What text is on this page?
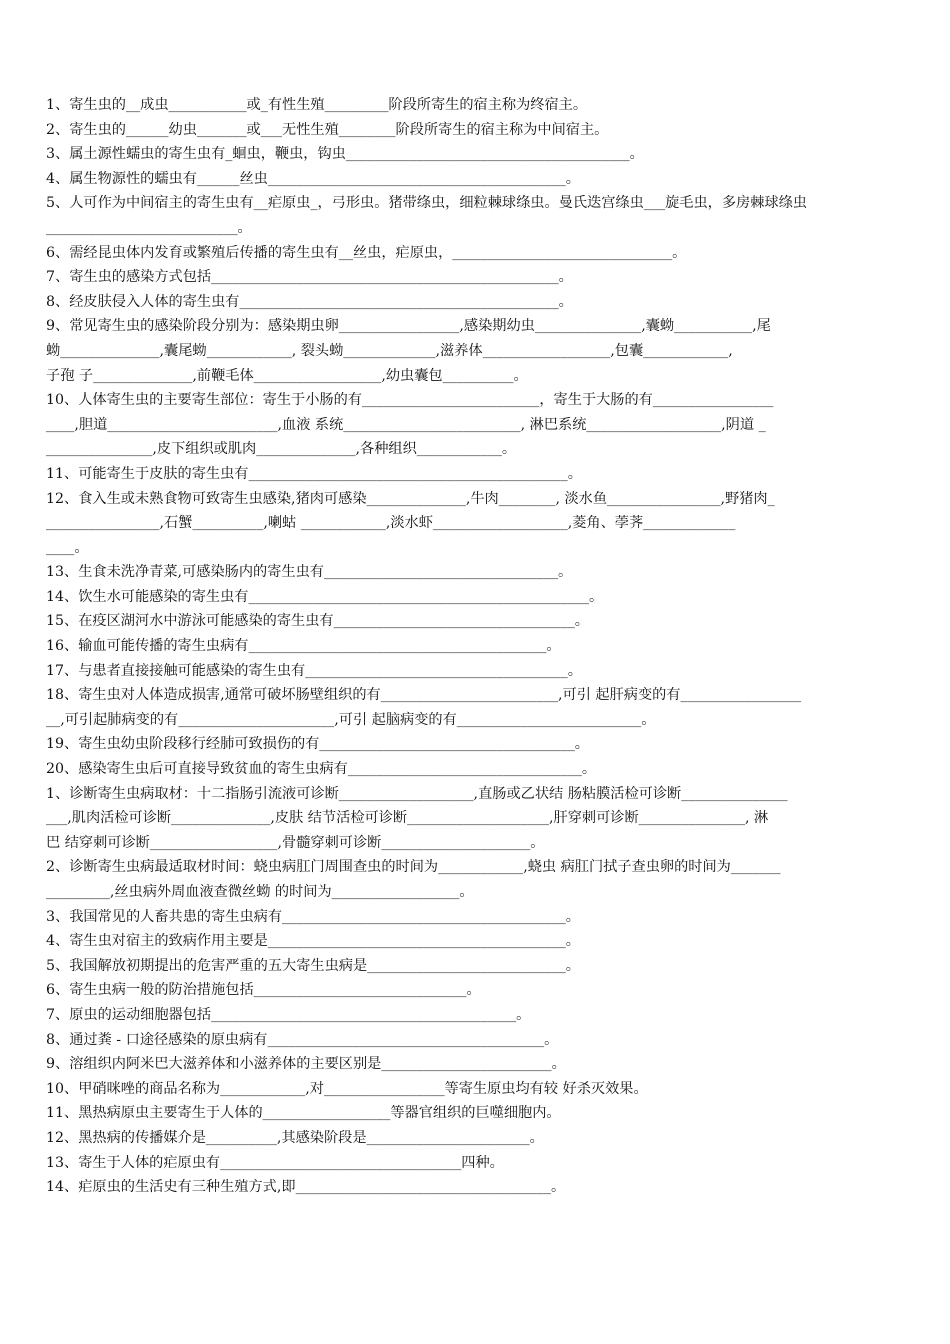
1、寄生虫的__成虫___________或_有性生殖_________阶段所寄生的宿主称为终宿主。
2、寄生虫的______幼虫_______或___无性生殖________阶段所寄生的宿主称为中间宿主。
3、属土源性蠕虫的寄生虫有_蛔虫，鞭虫，钩虫________________________________________。
4、属生物源性的蠕虫有______丝虫__________________________________________。
5、人可作为中间宿主的寄生虫有__疟原虫_，弓形虫。猪带绦虫，细粒棘球绦虫。曼氏迭宫绦虫___旋毛虫，多房棘球绦虫
___________________________。
6、需经昆虫体内发育或繁殖后传播的寄生虫有__丝虫，疟原虫，_______________________________。
7、寄生虫的感染方式包括_________________________________________________。
8、经皮肤侵入人体的寄生虫有_____________________________________________。
9、常见寄生虫的感染阶段分别为：感染期虫卵_________________,感染期幼虫_______________,囊蚴___________,尾
蚴______________,囊尾蚴____________, 裂头蚴_____________,滋养体__________________,包囊____________,
子孢 子______________,前鞭毛体__________________,幼虫囊包__________。
10、人体寄生虫的主要寄生部位：寄生于小肠的有_________________________，寄生于大肠的有_________________
____,胆道________________________,血液 系统_________________________, 淋巴系统___________________,阴道 _
_______________,皮下组织或肌肉______________,各种组织____________。
11、可能寄生于皮肤的寄生虫有_____________________________________________。
12、食入生或未熟食物可致寄生虫感染,猪肉可感染______________,牛肉________, 淡水鱼________________,野猪肉_
________________,石蟹__________,喇蛄 ____________,淡水虾___________________,菱角、荸荠_____________
____。
13、生食未洗净青菜,可感染肠内的寄生虫有_________________________________。
14、饮生水可能感染的寄生虫有________________________________________________。
15、在疫区湖河水中游泳可能感染的寄生虫有__________________________________。
16、输血可能传播的寄生虫病有__________________________________________。
17、与患者直接接触可能感染的寄生虫有_____________________________________。
18、寄生虫对人体造成损害,通常可破坏肠壁组织的有_________________________,可引 起肝病变的有_________________
__,可引起肺病变的有______________________,可引 起脑病变的有__________________________。
19、寄生虫幼虫阶段移行经肺可致损伤的有____________________________________。
20、感染寄生虫后可直接导致贫血的寄生虫病有_________________________________。
1、诊断寄生虫病取材：十二指肠引流液可诊断___________________,直肠或乙状结 肠粘膜活检可诊断_______________
___,肌肉活检可诊断______________,皮肤 结节活检可诊断____________________,肝穿刺可诊断_______________, 淋
巴 结穿刺可诊断__________________,骨髓穿刺可诊断_____________________。
2、诊断寄生虫病最适取材时间：蛲虫病肛门周围查虫的时间为____________,蛲虫 病肛门拭子查虫卵的时间为_______
_________,丝虫病外周血液查微丝蚴 的时间为__________________。
3、我国常见的人畜共患的寄生虫病有________________________________________。
4、寄生虫对宿主的致病作用主要是__________________________________________。
5、我国解放初期提出的危害严重的五大寄生虫病是____________________________。
6、寄生虫病一般的防治措施包括______________________________。
7、原虫的运动细胞器包括___________________________________________。
8、通过粪 - 口途径感染的原虫病有_______________________________________。
9、溶组织内阿米巴大滋养体和小滋养体的主要区别是________________________。
10、甲硝咪唑的商品名称为____________,对_________________等寄生原虫均有较 好杀灭效果。
11、黑热病原虫主要寄生于人体的__________________等器官组织的巨噬细胞内。
12、黑热病的传播媒介是__________,其感染阶段是_______________________。
13、寄生于人体的疟原虫有__________________________________四种。
14、疟原虫的生活史有三种生殖方式,即____________________________________。
